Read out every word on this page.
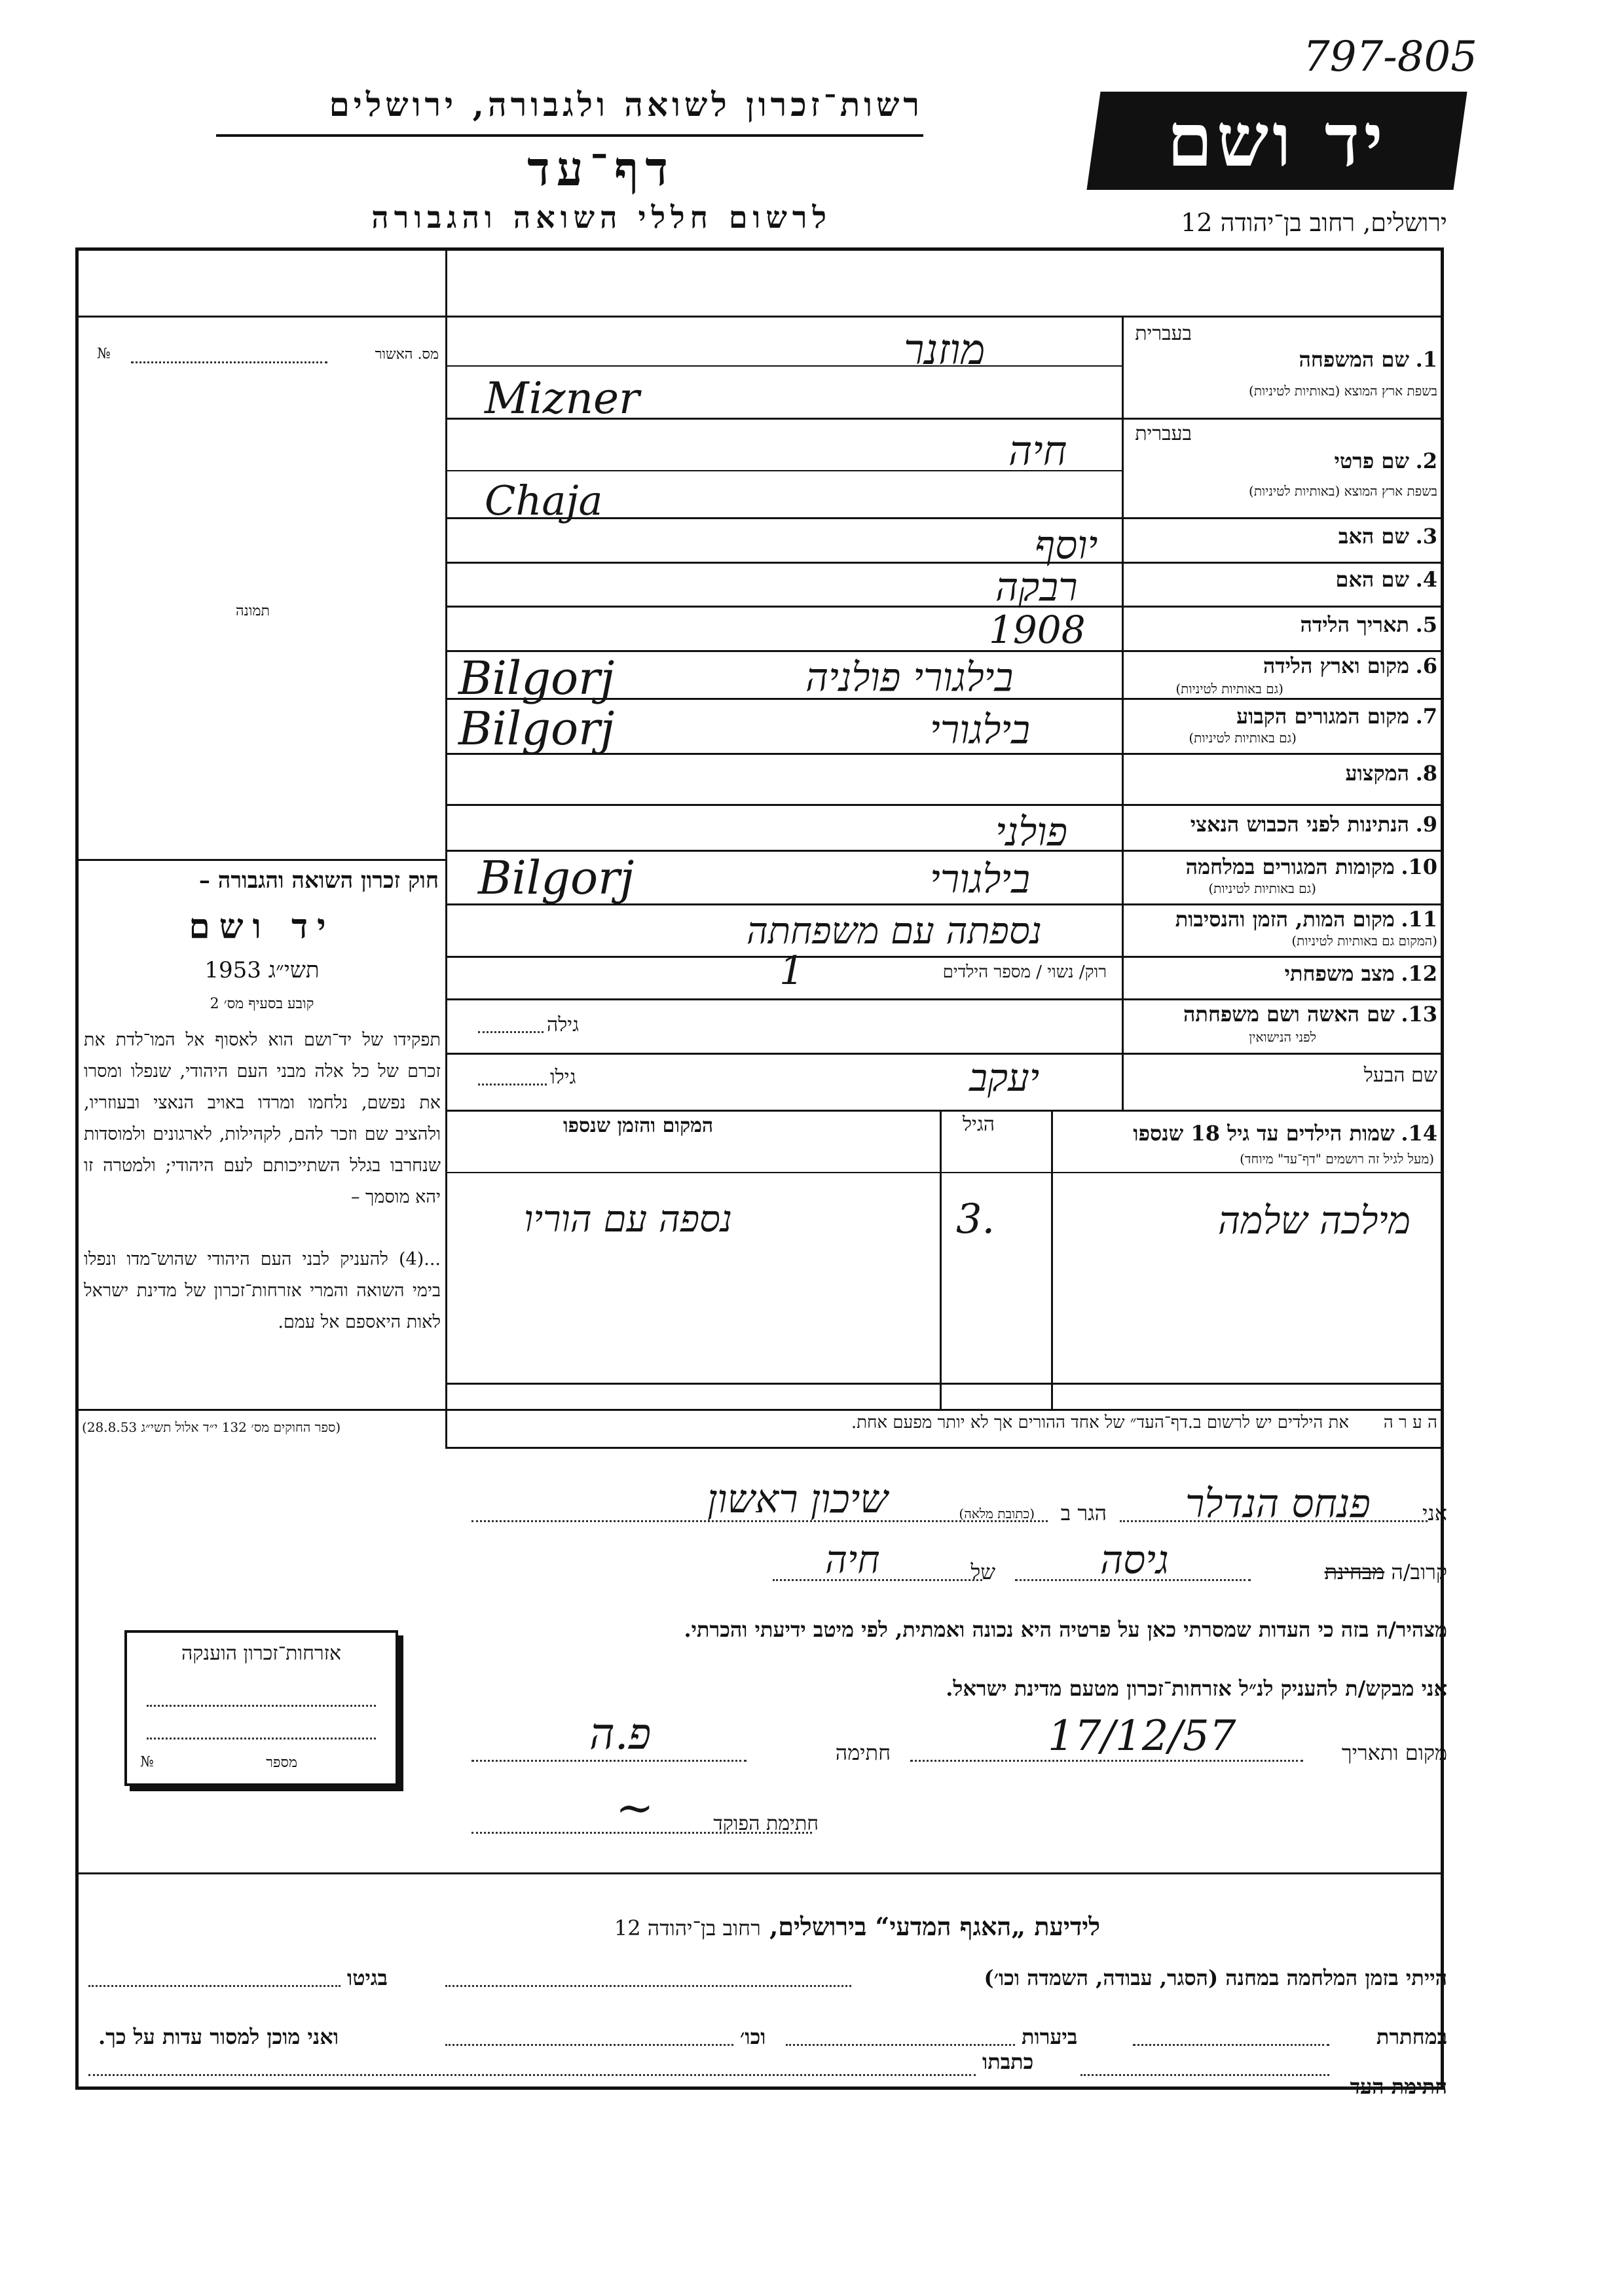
797-805
רשות־זכרון לשואה ולגבורה, ירושלים
דף־עד
לרשום חללי השואה והגבורה
יד ושם
ירושלים, רחוב בן־יהודה 12
מס. האשור
№
תמונה
חוק זכרון השואה והגבורה –
יד ושם
תשי״ג 1953
קובע בסעיף מס׳ 2
תפקידו של יד־ושם הוא לאסוף אל המו־לדת את זכרם של כל אלה מבני העם היהודי, שנפלו ומסרו את נפשם, נלחמו ומרדו באויב הנאצי ובעוזריו, ולהציב שם וזכר להם, לקהילות, לארגונים ולמוסדות שנחרבו בגלל השתייכותם לעם היהודי; ולמטרה זו יהא מוסמך –
...(4) להעניק לבני העם היהודי שהוש־מדו ונפלו בימי השואה והמרי אזרחות־זכרון של מדינת ישראל לאות היאספם אל עמם.
(ספר החוקים מס׳ 132 י״ד אלול תשי״ג 28.8.53)
בעברית
1. שם המשפחה
בשפת ארץ המוצא (באותיות לטיניות)
מוזנר
Mizner
בעברית
2. שם פרטי
בשפת ארץ המוצא (באותיות לטיניות)
חיה
Chaja
3. שם האב
יוסף
4. שם האם
רבקה
5. תאריך הלידה
1908
6. מקום וארץ הלידה
(גם באותיות לטיניות)
בילגורי פולניה
Bilgorj
7. מקום המגורים הקבוע
(גם באותיות לטיניות)
בילגורי
Bilgorj
8. המקצוע
9. הנתינות לפני הכבוש הנאצי
פולני
10. מקומות המגורים במלחמה
(גם באותיות לטיניות)
בילגורי
Bilgorj
11. מקום המות, הזמן והנסיבות
(המקום גם באותיות לטיניות)
נספתה עם משפחתה
12. מצב משפחתי
רוק/ נשוי / מספר הילדים
1
13. שם האשה ושם משפחתה
לפני הנישואין
גילה
שם הבעל
גילו	יעקב
14. שמות הילדים עד גיל 18 שנספו
(מעל לגיל זה רושמים "דף־עד" מיוחד)
הגיל
המקום והזמן שנספו
מילכה שלמה
3.
נספה עם הוריו
ה ע ר ה
את הילדים יש לרשום ב.דף־העד״ של אחד ההורים אך לא יותר מפעם אחת.
אני
פנחס הנדלר
הגר ב
(כתובת מלאה)
שיכון ראשון
קרוב/ה מבחינת
גיסה
של
חיה
מצהיר/ה בזה כי העדות שמסרתי כאן על פרטיה היא נכונה ואמתית, לפי מיטב ידיעתי והכרתי.
אני מבקש/ת להעניק לנ״ל אזרחות־זכרון מטעם מדינת ישראל.
מקום ותאריך
17/12/57
חתימה
פ.ה
חתימת הפוקד
~
אזרחות־זכרון הוענקה
מספר
№
לידיעת „האגף המדעי“ בירושלים, רחוב בן־יהודה 12
הייתי בזמן המלחמה במחנה (הסגר, עבודה, השמדה וכו׳)
בגיטו
במחתרת
ביערות
וכו׳
ואני מוכן למסור עדות על כך.
חתימת העד
כתבתו
